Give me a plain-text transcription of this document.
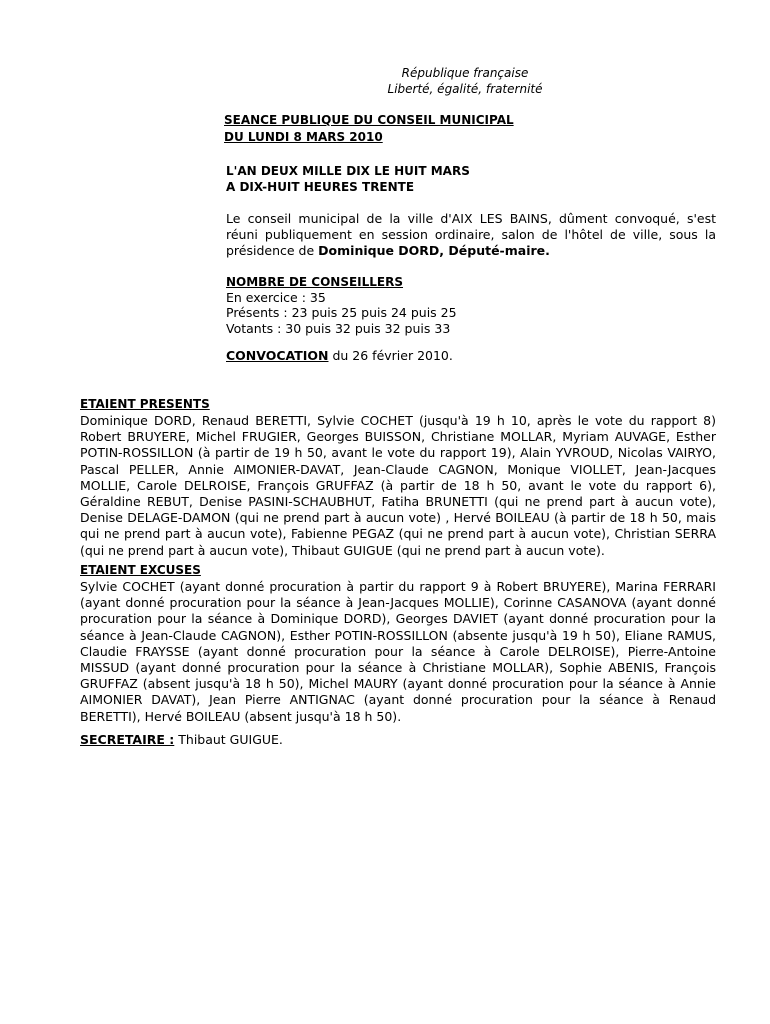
République française
Liberté, égalité, fraternité
SEANCE PUBLIQUE DU CONSEIL MUNICIPAL
DU LUNDI 8 MARS 2010
L'AN DEUX MILLE DIX LE HUIT MARS
A DIX-HUIT HEURES TRENTE
Le conseil municipal de la ville d'AIX LES BAINS, dûment convoqué, s'est réuni publiquement en session ordinaire, salon de l'hôtel de ville, sous la présidence de Dominique DORD, Député-maire.
NOMBRE DE CONSEILLERS
En exercice : 35
Présents : 23 puis 25 puis 24 puis 25
Votants : 30 puis 32 puis 32 puis 33
CONVOCATION du 26 février 2010.
ETAIENT PRESENTS
Dominique DORD, Renaud BERETTI, Sylvie COCHET (jusqu'à 19 h 10, après le vote du rapport 8) Robert BRUYERE, Michel FRUGIER, Georges BUISSON, Christiane MOLLAR, Myriam AUVAGE, Esther POTIN-ROSSILLON (à partir de 19 h 50, avant le vote du rapport 19), Alain YVROUD, Nicolas VAIRYO, Pascal PELLER, Annie AIMONIER-DAVAT, Jean-Claude CAGNON, Monique VIOLLET, Jean-Jacques MOLLIE, Carole DELROISE, François GRUFFAZ (à partir de 18 h 50, avant le vote du rapport 6), Géraldine REBUT, Denise PASINI-SCHAUBHUT, Fatiha BRUNETTI (qui ne prend part à aucun vote), Denise DELAGE-DAMON (qui ne prend part à aucun vote) , Hervé BOILEAU (à partir de 18 h 50, mais qui ne prend part à aucun vote), Fabienne PEGAZ (qui ne prend part à aucun vote), Christian SERRA (qui ne prend part à aucun vote), Thibaut GUIGUE (qui ne prend part à aucun vote).
ETAIENT EXCUSES
Sylvie COCHET (ayant donné procuration à partir du rapport 9 à Robert BRUYERE), Marina FERRARI (ayant donné procuration pour la séance à Jean-Jacques MOLLIE), Corinne CASANOVA (ayant donné procuration pour la séance à Dominique DORD), Georges DAVIET (ayant donné procuration pour la séance à Jean-Claude CAGNON), Esther POTIN-ROSSILLON (absente jusqu'à 19 h 50), Eliane RAMUS, Claudie FRAYSSE (ayant donné procuration pour la séance à Carole DELROISE), Pierre-Antoine MISSUD (ayant donné procuration pour la séance à Christiane MOLLAR), Sophie ABENIS, François GRUFFAZ (absent jusqu'à 18 h 50), Michel MAURY (ayant donné procuration pour la séance à Annie AIMONIER DAVAT), Jean Pierre ANTIGNAC (ayant donné procuration pour la séance à Renaud BERETTI), Hervé BOILEAU (absent jusqu'à 18 h 50).
SECRETAIRE : Thibaut GUIGUE.
